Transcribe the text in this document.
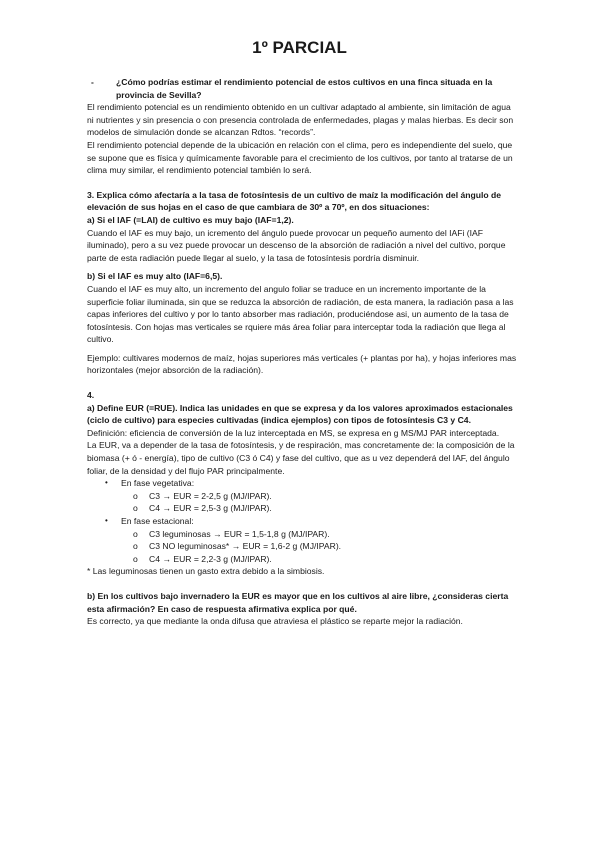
1º PARCIAL
-	¿Cómo podrías estimar el rendimiento potencial de estos cultivos en una finca situada en la provincia de Sevilla?

El rendimiento potencial es un rendimiento obtenido en un cultivar adaptado al ambiente, sin limitación de agua ni nutrientes y sin presencia o con presencia controlada de enfermedades, plagas y malas hierbas. Es decir son modelos de simulación donde se alcanzan Rdtos. “records”.

El rendimiento potencial depende de la ubicación en relación con el clima, pero es independiente del suelo, que se supone que es física y químicamente favorable para el crecimiento de los cultivos, por tanto al tratarse de un clima muy similar, el rendimiento potencial también lo será.

3. Explica cómo afectaría a la tasa de fotosíntesis de un cultivo de maíz la modificación del ángulo de elevación de sus hojas en el caso de que cambiara de 30º a 70º, en dos situaciones:

a) Si el IAF (=LAI) de cultivo es muy bajo (IAF=1,2).

Cuando el IAF es muy bajo, un icremento del ángulo puede provocar un pequeño aumento del IAFi (IAF iluminado), pero a su vez puede provocar un descenso de la absorción de radiación a nivel del cultivo, porque parte de esta radiación puede llegar al suelo, y la tasa de fotosíntesis pordría disminuir.

b) Si el IAF es muy alto (IAF=6,5).

Cuando el IAF es muy alto, un incremento del angulo foliar se traduce en un incremento importante de la superficie foliar iluminada, sin que se reduzca la absorción de radiación, de esta manera, la radiación pasa a las capas inferiores del cultivo y por lo tanto absorber mas radiación, produciéndose asi, un aumento de la tasa de fotosíntesis. Con hojas mas verticales se rquiere más área foliar para interceptar toda la radiación que llega al cultivo.

Ejemplo: cultivares modernos de maíz, hojas superiores más verticales (+ plantas por ha), y hojas inferiores mas horizontales (mejor absorción de la radiación).

4.

a) Define EUR (=RUE). Indica las unidades en que se expresa y da los valores aproximados estacionales (ciclo de cultivo) para especies cultivadas (indica ejemplos) con tipos de fotosíntesis C3 y C4.

Definición: eficiencia de conversión de la luz interceptada en MS, se expresa en g MS/MJ PAR interceptada.

La EUR, va a depender de la tasa de fotosíntesis, y de respiración, mas concretamente de: la composición de la biomasa (+ ó - energía), tipo de cultivo (C3 ó C4) y fase del cultivo, que as u vez dependerá del IAF, del ángulo foliar, de la densidad y del flujo PAR principalmente.

•	En fase vegetativa:
o	C3 → EUR = 2-2,5 g (MJ/IPAR).
o	C4 → EUR = 2,5-3 g (MJ/IPAR).
•	En fase estacional:
o	C3 leguminosas → EUR = 1,5-1,8 g (MJ/IPAR).
o	C3 NO leguminosas* → EUR = 1,6-2 g (MJ/IPAR).
o	C4 → EUR = 2,2-3 g (MJ/IPAR).

* Las leguminosas tienen un gasto extra debido a la simbiosis.

b) En los cultivos bajo invernadero la EUR es mayor que en los cultivos al aire libre, ¿consideras cierta esta afirmación? En caso de respuesta afirmativa explica por qué.

Es correcto, ya que mediante la onda difusa que atraviesa el plástico se reparte mejor la radiación.
